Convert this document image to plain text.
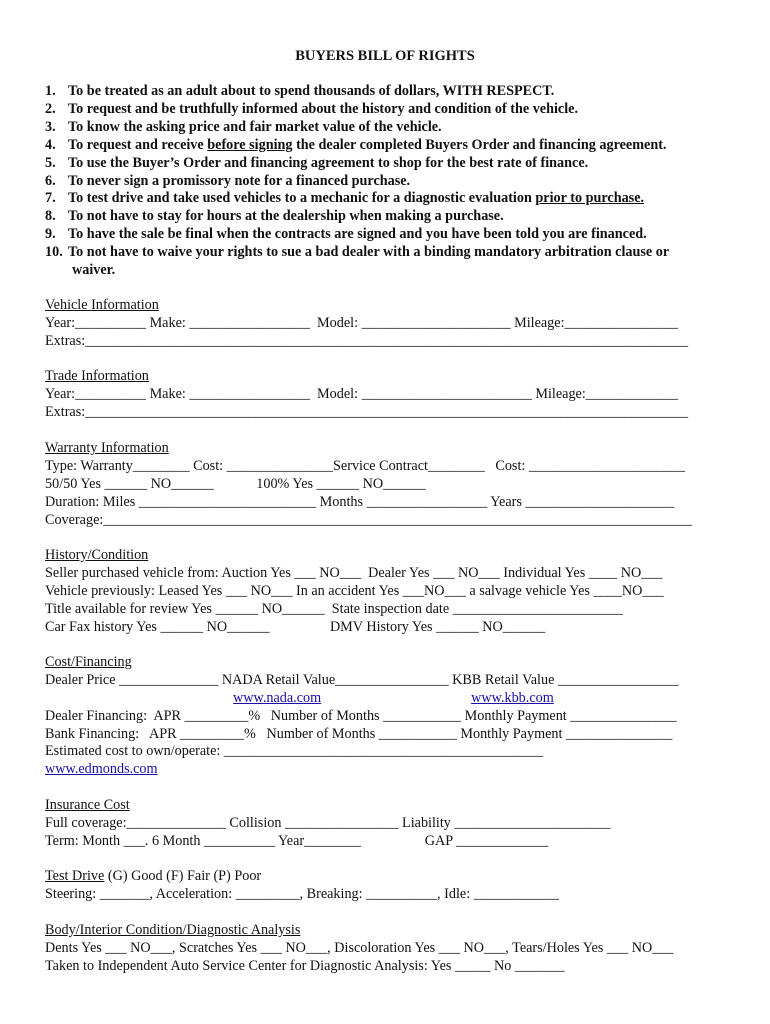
BUYERS BILL OF RIGHTS
1. To be treated as an adult about to spend thousands of dollars, WITH RESPECT.
2. To request and be truthfully informed about the history and condition of the vehicle.
3. To know the asking price and fair market value of the vehicle.
4. To request and receive before signing the dealer completed Buyers Order and financing agreement.
5. To use the Buyer’s Order and financing agreement to shop for the best rate of finance.
6. To never sign a promissory note for a financed purchase.
7. To test drive and take used vehicles to a mechanic for a diagnostic evaluation prior to purchase.
8. To not have to stay for hours at the dealership when making a purchase.
9. To have the sale be final when the contracts are signed and you have been told you are financed.
10. To not have to waive your rights to sue a bad dealer with a binding mandatory arbitration clause or
waiver.
Vehicle Information
Year:__________ Make: _________________  Model: _____________________ Mileage:________________
Extras:_____________________________________________________________________________________
Trade Information
Year:__________ Make: _________________  Model: ________________________ Mileage:_____________
Extras:_____________________________________________________________________________________
Warranty Information
Type: Warranty________ Cost: _______________Service Contract________   Cost: ______________________
50/50 Yes ______ NO______            100% Yes ______ NO______
Duration: Miles _________________________ Months _________________ Years _____________________
Coverage:___________________________________________________________________________________
History/Condition
Seller purchased vehicle from: Auction Yes ___ NO___  Dealer Yes ___ NO___ Individual Yes ____ NO___
Vehicle previously: Leased Yes ___ NO___ In an accident Yes ___NO___ a salvage vehicle Yes ____NO___
Title available for review Yes ______ NO______  State inspection date ________________________
Car Fax history Yes ______ NO______                 DMV History Yes ______ NO______
Cost/Financing
Dealer Price ______________ NADA Retail Value________________ KBB Retail Value _________________
www.nada.com	www.kbb.com
Dealer Financing:  APR _________%   Number of Months ___________ Monthly Payment _______________
Bank Financing:   APR _________%   Number of Months ___________ Monthly Payment _______________
Estimated cost to own/operate: _____________________________________________
www.edmonds.com
Insurance Cost
Full coverage:______________ Collision ________________ Liability ______________________
Term: Month ___. 6 Month __________ Year________                  GAP _____________
Test Drive (G) Good (F) Fair (P) Poor
Steering: _______, Acceleration: _________, Breaking: __________, Idle: ____________
Body/Interior Condition/Diagnostic Analysis
Dents Yes ___ NO___, Scratches Yes ___ NO___, Discoloration Yes ___ NO___, Tears/Holes Yes ___ NO___
Taken to Independent Auto Service Center for Diagnostic Analysis: Yes _____ No _______
